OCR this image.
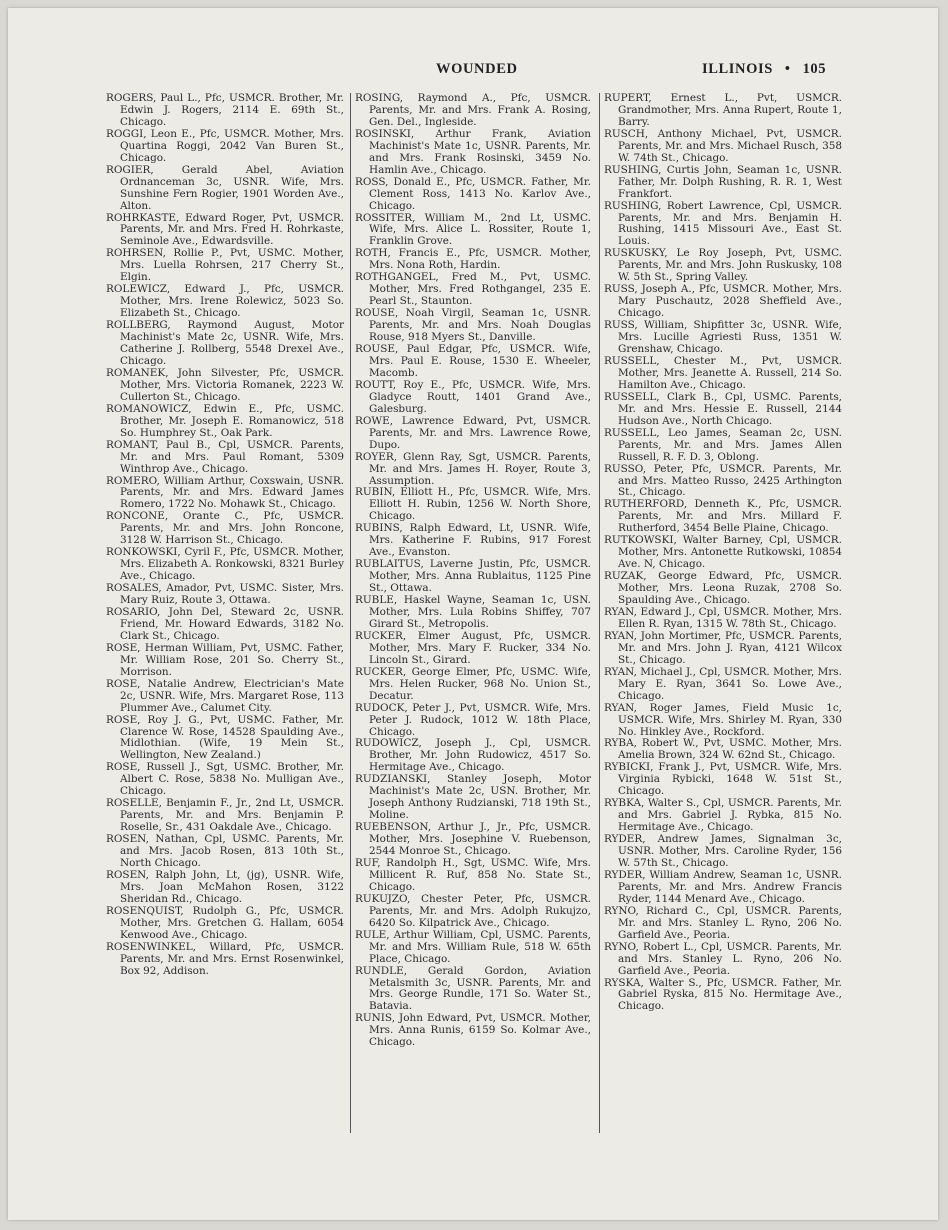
WOUNDED	ILLINOIS • 105

ROGERS, Paul L., Pfc, USMCR. Brother, Mr. Edwin J. Rogers, 2114 E. 69th St., Chicago.

ROGGI, Leon E., Pfc, USMCR. Mother, Mrs. Quartina Roggi, 2042 Van Buren St., Chicago.

ROGIER, Gerald Abel, Aviation Ordnanceman 3c, USNR. Wife, Mrs. Sunshine Fern Rogier, 1901 Worden Ave., Alton.

ROHRKASTE, Edward Roger, Pvt, USMCR. Parents, Mr. and Mrs. Fred H. Rohrkaste, Seminole Ave., Edwardsville.

ROHRSEN, Rollie P., Pvt, USMC. Mother, Mrs. Luella Rohrsen, 217 Cherry St., Elgin.

ROLEWICZ, Edward J., Pfc, USMCR. Mother, Mrs. Irene Rolewicz, 5023 So. Elizabeth St., Chicago.

ROLLBERG, Raymond August, Motor Machinist's Mate 2c, USNR. Wife, Mrs. Catherine J. Rollberg, 5548 Drexel Ave., Chicago.

ROMANEK, John Silvester, Pfc, USMCR. Mother, Mrs. Victoria Romanek, 2223 W. Cullerton St., Chicago.

ROMANOWICZ, Edwin E., Pfc, USMC. Brother, Mr. Joseph E. Romanowicz, 518 So. Humphrey St., Oak Park.

ROMANT, Paul B., Cpl, USMCR. Parents, Mr. and Mrs. Paul Romant, 5309 Winthrop Ave., Chicago.

ROMERO, William Arthur, Coxswain, USNR. Parents, Mr. and Mrs. Edward James Romero, 1722 No. Mohawk St., Chicago.

RONCONE, Orante C., Pfc, USMCR. Parents, Mr. and Mrs. John Roncone, 3128 W. Harrison St., Chicago.

RONKOWSKI, Cyril F., Pfc, USMCR. Mother, Mrs. Elizabeth A. Ronkowski, 8321 Burley Ave., Chicago.

ROSALES, Amador, Pvt, USMC. Sister, Mrs. Mary Ruiz, Route 3, Ottawa.

ROSARIO, John Del, Steward 2c, USNR. Friend, Mr. Howard Edwards, 3182 No. Clark St., Chicago.

ROSE, Herman William, Pvt, USMC. Father, Mr. William Rose, 201 So. Cherry St., Morrison.

ROSE, Natalie Andrew, Electrician's Mate 2c, USNR. Wife, Mrs. Margaret Rose, 113 Plummer Ave., Calumet City.

ROSE, Roy J. G., Pvt, USMC. Father, Mr. Clarence W. Rose, 14528 Spaulding Ave., Midlothian. (Wife, 19 Mein St., Wellington, New Zealand.)

ROSE, Russell J., Sgt, USMC. Brother, Mr. Albert C. Rose, 5838 No. Mulligan Ave., Chicago.

ROSELLE, Benjamin F., Jr., 2nd Lt, USMCR. Parents, Mr. and Mrs. Benjamin P. Roselle, Sr., 431 Oakdale Ave., Chicago.

ROSEN, Nathan, Cpl, USMC. Parents, Mr. and Mrs. Jacob Rosen, 813 10th St., North Chicago.

ROSEN, Ralph John, Lt, (jg), USNR. Wife, Mrs. Joan McMahon Rosen, 3122 Sheridan Rd., Chicago.

ROSENQUIST, Rudolph G., Pfc, USMCR. Mother, Mrs. Gretchen G. Hallam, 6054 Kenwood Ave., Chicago.

ROSENWINKEL, Willard, Pfc, USMCR. Parents, Mr. and Mrs. Ernst Rosenwinkel, Box 92, Addison.

ROSING, Raymond A., Pfc, USMCR. Parents, Mr. and Mrs. Frank A. Rosing, Gen. Del., Ingleside.

ROSINSKI, Arthur Frank, Aviation Machinist's Mate 1c, USNR. Parents, Mr. and Mrs. Frank Rosinski, 3459 No. Hamlin Ave., Chicago.

ROSS, Donald E., Pfc, USMCR. Father, Mr. Clement Ross, 1413 No. Karlov Ave., Chicago.

ROSSITER, William M., 2nd Lt, USMC. Wife, Mrs. Alice L. Rossiter, Route 1, Franklin Grove.

ROTH, Francis E., Pfc, USMCR. Mother, Mrs. Nona Roth, Hardin.

ROTHGANGEL, Fred M., Pvt, USMC. Mother, Mrs. Fred Rothgangel, 235 E. Pearl St., Staunton.

ROUSE, Noah Virgil, Seaman 1c, USNR. Parents, Mr. and Mrs. Noah Douglas Rouse, 918 Myers St., Danville.

ROUSE, Paul Edgar, Pfc, USMCR. Wife, Mrs. Paul E. Rouse, 1530 E. Wheeler, Macomb.

ROUTT, Roy E., Pfc, USMCR. Wife, Mrs. Gladyce Routt, 1401 Grand Ave., Galesburg.

ROWE, Lawrence Edward, Pvt, USMCR. Parents, Mr. and Mrs. Lawrence Rowe, Dupo.

ROYER, Glenn Ray, Sgt, USMCR. Parents, Mr. and Mrs. James H. Royer, Route 3, Assumption.

RUBIN, Elliott H., Pfc, USMCR. Wife, Mrs. Elliott H. Rubin, 1256 W. North Shore, Chicago.

RUBINS, Ralph Edward, Lt, USNR. Wife, Mrs. Katherine F. Rubins, 917 Forest Ave., Evanston.

RUBLAITUS, Laverne Justin, Pfc, USMCR. Mother, Mrs. Anna Rublaitus, 1125 Pine St., Ottawa.

RUBLE, Haskel Wayne, Seaman 1c, USN. Mother, Mrs. Lula Robins Shiffey, 707 Girard St., Metropolis.

RUCKER, Elmer August, Pfc, USMCR. Mother, Mrs. Mary F. Rucker, 334 No. Lincoln St., Girard.

RUCKER, George Elmer, Pfc, USMC. Wife, Mrs. Helen Rucker, 968 No. Union St., Decatur.

RUDOCK, Peter J., Pvt, USMCR. Wife, Mrs. Peter J. Rudock, 1012 W. 18th Place, Chicago.

RUDOWICZ, Joseph J., Cpl, USMCR. Brother, Mr. John Rudowicz, 4517 So. Hermitage Ave., Chicago.

RUDZIANSKI, Stanley Joseph, Motor Machinist's Mate 2c, USN. Brother, Mr. Joseph Anthony Rudzianski, 718 19th St., Moline.

RUEBENSON, Arthur J., Jr., Pfc, USMCR. Mother, Mrs. Josephine V. Ruebenson, 2544 Monroe St., Chicago.

RUF, Randolph H., Sgt, USMC. Wife, Mrs. Millicent R. Ruf, 858 No. State St., Chicago.

RUKUJZO, Chester Peter, Pfc, USMCR. Parents, Mr. and Mrs. Adolph Rukujzo, 6420 So. Kilpatrick Ave., Chicago.

RULE, Arthur William, Cpl, USMC. Parents, Mr. and Mrs. William Rule, 518 W. 65th Place, Chicago.

RUNDLE, Gerald Gordon, Aviation Metalsmith 3c, USNR. Parents, Mr. and Mrs. George Rundle, 171 So. Water St., Batavia.

RUNIS, John Edward, Pvt, USMCR. Mother, Mrs. Anna Runis, 6159 So. Kolmar Ave., Chicago.

RUPERT, Ernest L., Pvt, USMCR. Grandmother, Mrs. Anna Rupert, Route 1, Barry.

RUSCH, Anthony Michael, Pvt, USMCR. Parents, Mr. and Mrs. Michael Rusch, 358 W. 74th St., Chicago.

RUSHING, Curtis John, Seaman 1c, USNR. Father, Mr. Dolph Rushing, R. R. 1, West Frankfort.

RUSHING, Robert Lawrence, Cpl, USMCR. Parents, Mr. and Mrs. Benjamin H. Rushing, 1415 Missouri Ave., East St. Louis.

RUSKUSKY, Le Roy Joseph, Pvt, USMC. Parents, Mr. and Mrs. John Ruskusky, 108 W. 5th St., Spring Valley.

RUSS, Joseph A., Pfc, USMCR. Mother, Mrs. Mary Puschautz, 2028 Sheffield Ave., Chicago.

RUSS, William, Shipfitter 3c, USNR. Wife, Mrs. Lucille Agriesti Russ, 1351 W. Grenshaw, Chicago.

RUSSELL, Chester M., Pvt, USMCR. Mother, Mrs. Jeanette A. Russell, 214 So. Hamilton Ave., Chicago.

RUSSELL, Clark B., Cpl, USMC. Parents, Mr. and Mrs. Hessie E. Russell, 2144 Hudson Ave., North Chicago.

RUSSELL, Leo James, Seaman 2c, USN. Parents, Mr. and Mrs. James Allen Russell, R. F. D. 3, Oblong.

RUSSO, Peter, Pfc, USMCR. Parents, Mr. and Mrs. Matteo Russo, 2425 Arthington St., Chicago.

RUTHERFORD, Denneth K., Pfc, USMCR. Parents, Mr. and Mrs. Millard F. Rutherford, 3454 Belle Plaine, Chicago.

RUTKOWSKI, Walter Barney, Cpl, USMCR. Mother, Mrs. Antonette Rutkowski, 10854 Ave. N, Chicago.

RUZAK, George Edward, Pfc, USMCR. Mother, Mrs. Leona Ruzak, 2708 So. Spaulding Ave., Chicago.

RYAN, Edward J., Cpl, USMCR. Mother, Mrs. Ellen R. Ryan, 1315 W. 78th St., Chicago.

RYAN, John Mortimer, Pfc, USMCR. Parents, Mr. and Mrs. John J. Ryan, 4121 Wilcox St., Chicago.

RYAN, Michael J., Cpl, USMCR. Mother, Mrs. Mary E. Ryan, 3641 So. Lowe Ave., Chicago.

RYAN, Roger James, Field Music 1c, USMCR. Wife, Mrs. Shirley M. Ryan, 330 No. Hinkley Ave., Rockford.

RYBA, Robert W., Pvt, USMC. Mother, Mrs. Amelia Brown, 324 W. 62nd St., Chicago.

RYBICKI, Frank J., Pvt, USMCR. Wife, Mrs. Virginia Rybicki, 1648 W. 51st St., Chicago.

RYBKA, Walter S., Cpl, USMCR. Parents, Mr. and Mrs. Gabriel J. Rybka, 815 No. Hermitage Ave., Chicago.

RYDER, Andrew James, Signalman 3c, USNR. Mother, Mrs. Caroline Ryder, 156 W. 57th St., Chicago.

RYDER, William Andrew, Seaman 1c, USNR. Parents, Mr. and Mrs. Andrew Francis Ryder, 1144 Menard Ave., Chicago.

RYNO, Richard C., Cpl, USMCR. Parents, Mr. and Mrs. Stanley L. Ryno, 206 No. Garfield Ave., Peoria.

RYNO, Robert L., Cpl, USMCR. Parents, Mr. and Mrs. Stanley L. Ryno, 206 No. Garfield Ave., Peoria.

RYSKA, Walter S., Pfc, USMCR. Father, Mr. Gabriel Ryska, 815 No. Hermitage Ave., Chicago.
